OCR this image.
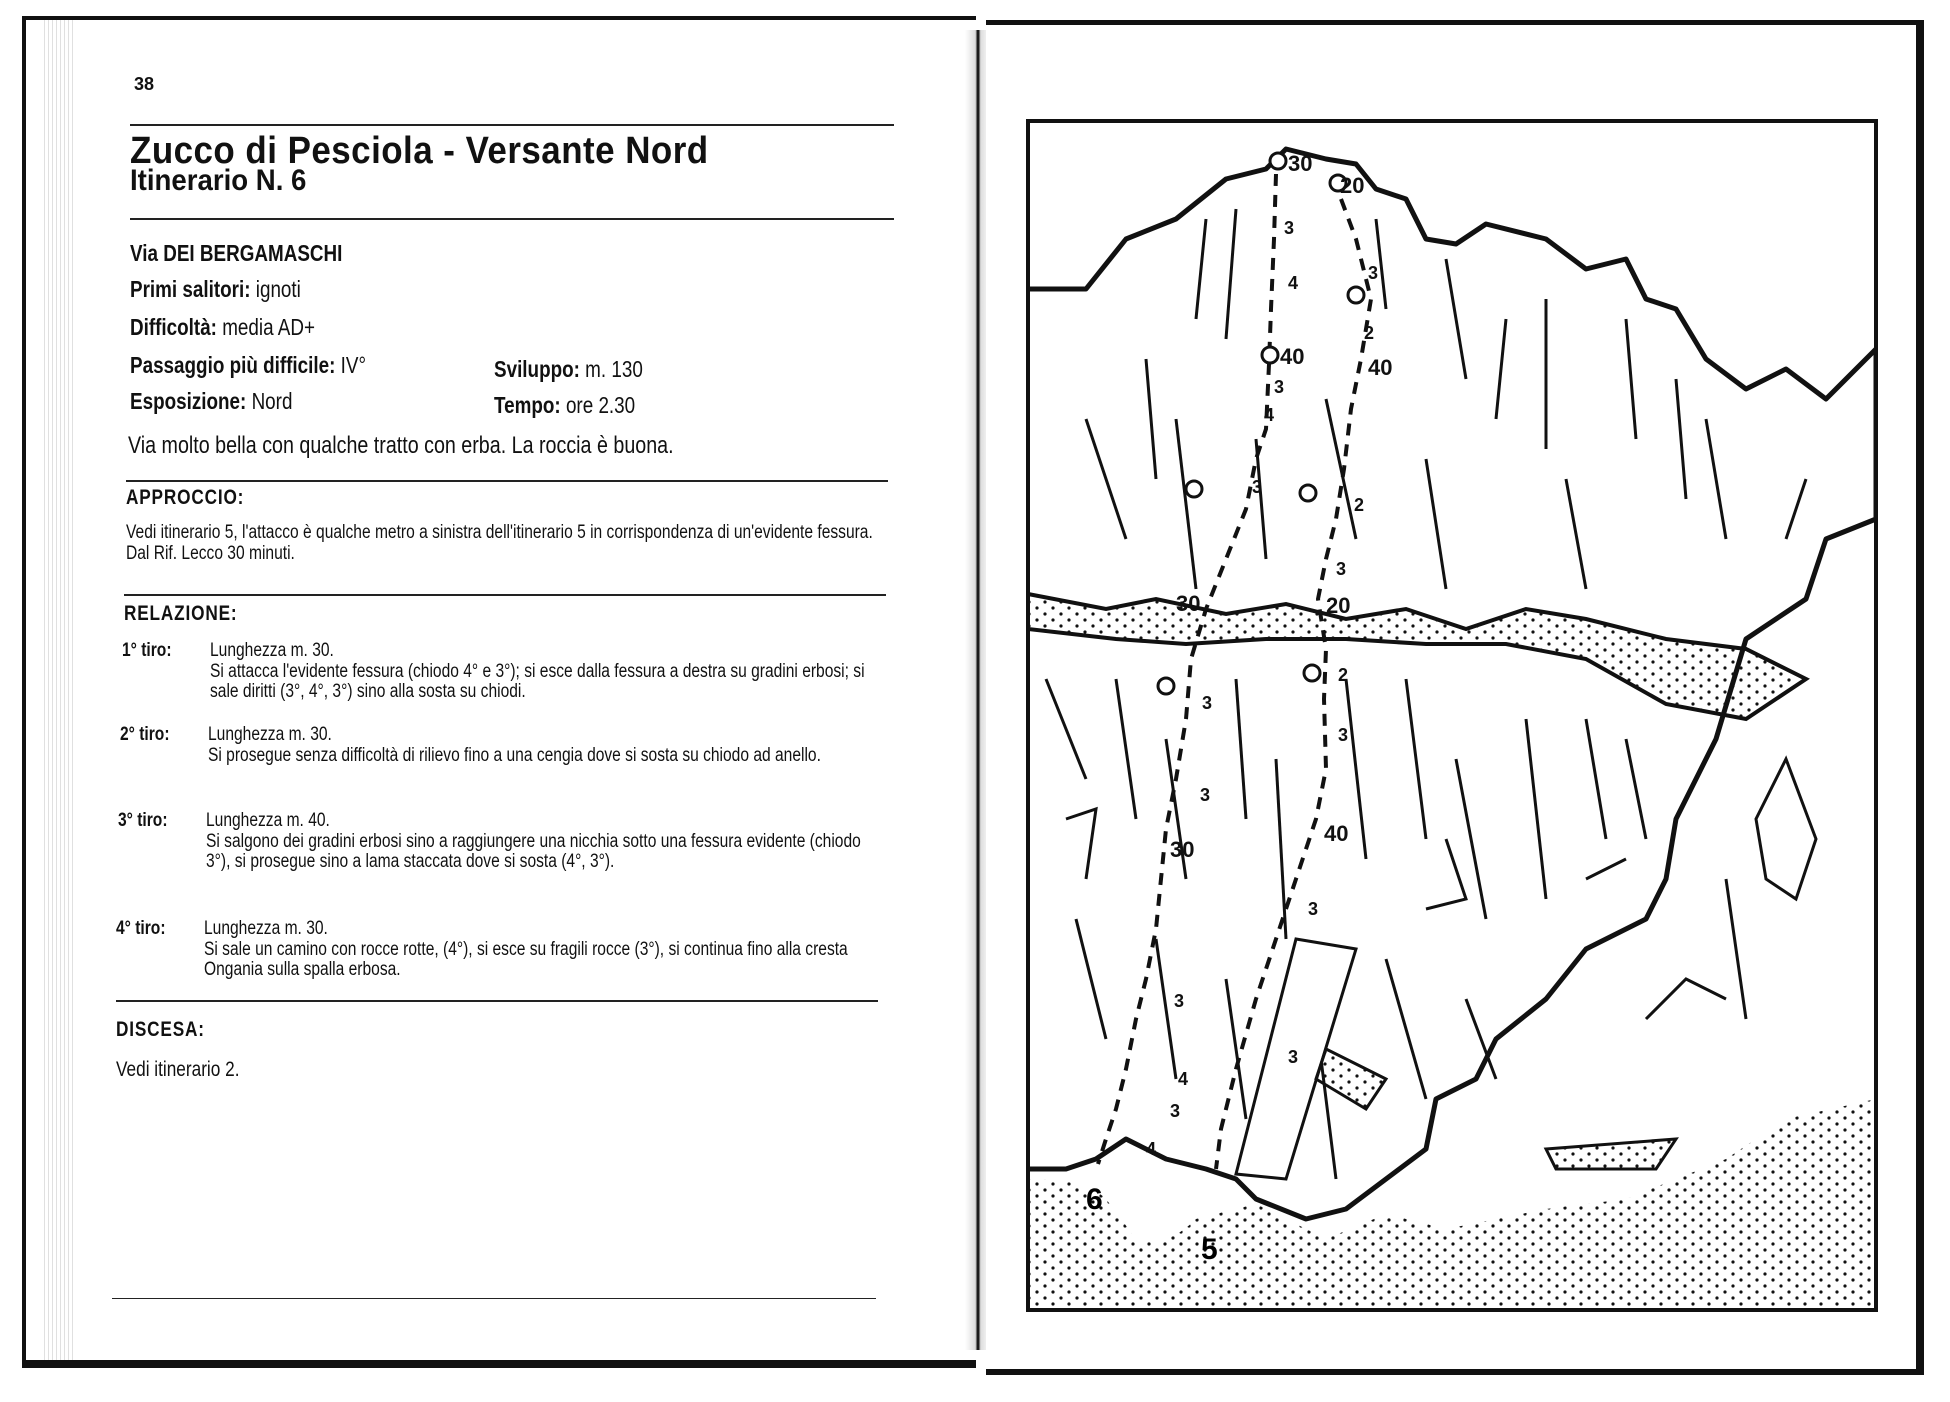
38
Zucco di Pesciola - Versante Nord
Itinerario N. 6
Via DEI BERGAMASCHI
Primi salitori: ignoti
Difficoltà: media AD+
Passaggio più difficile: IV°	Sviluppo: m. 130
Esposizione: Nord	Tempo: ore 2.30
Via molto bella con qualche tratto con erba. La roccia è buona.
APPROCCIO:
Vedi itinerario 5, l'attacco è qualche metro a sinistra dell'itinerario 5 in corrispondenza di un'evidente fessura. Dal Rif. Lecco 30 minuti.
RELAZIONE:
1° tiro: Lunghezza m. 30.
Si attacca l'evidente fessura (chiodo 4° e 3°); si esce dalla fessura a destra su gradini erbosi; si sale diritti (3°, 4°, 3°) sino alla sosta su chiodi.
2° tiro: Lunghezza m. 30.
Si prosegue senza difficoltà di rilievo fino a una cengia dove si sosta su chiodo ad anello.
3° tiro: Lunghezza m. 40.
Si salgono dei gradini erbosi sino a raggiungere una nicchia sotto una fessura evidente (chiodo 3°), si prosegue sino a lama staccata dove si sosta (4°, 3°).
4° tiro: Lunghezza m. 30.
Si sale un camino con rocce rotte, (4°), si esce su fragili rocce (3°), si continua fino alla cresta Ongania sulla spalla erbosa.
DISCESA:
Vedi itinerario 2.
6
5
30
3
4
40
3
4
3
30
3
3
30
3
4
3
4
20
3
2
40
2
3
20
2
3
40
3
3
